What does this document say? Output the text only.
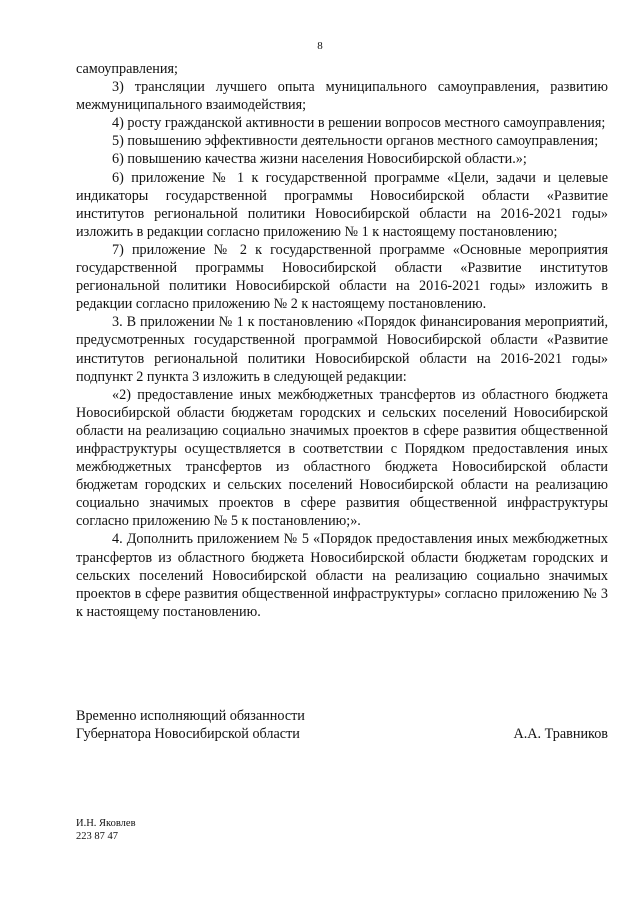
8

самоуправления;

3) трансляции лучшего опыта муниципального самоуправления, развитию межмуниципального взаимодействия;

4) росту гражданской активности в решении вопросов местного самоуправления;

5) повышению эффективности деятельности органов местного самоуправления;

6) повышению качества жизни населения Новосибирской области.»;

6) приложение № 1 к государственной программе «Цели, задачи и целевые индикаторы государственной программы Новосибирской области «Развитие институтов региональной политики Новосибирской области на 2016-2021 годы» изложить в редакции согласно приложению № 1 к настоящему постановлению;

7) приложение № 2 к государственной программе «Основные мероприятия государственной программы Новосибирской области «Развитие институтов региональной политики Новосибирской области на 2016-2021 годы» изложить в редакции согласно приложению № 2 к настоящему постановлению.

3. В приложении № 1 к постановлению «Порядок финансирования мероприятий, предусмотренных государственной программой Новосибирской области «Развитие институтов региональной политики Новосибирской области на 2016-2021 годы» подпункт 2 пункта 3 изложить в следующей редакции:

«2) предоставление иных межбюджетных трансфертов из областного бюджета Новосибирской области бюджетам городских и сельских поселений Новосибирской области на реализацию социально значимых проектов в сфере развития общественной инфраструктуры осуществляется в соответствии с Порядком предоставления иных межбюджетных трансфертов из областного бюджета Новосибирской области бюджетам городских и сельских поселений Новосибирской области на реализацию социально значимых проектов в сфере развития общественной инфраструктуры согласно приложению № 5 к постановлению;».

4. Дополнить приложением № 5 «Порядок предоставления иных межбюджетных трансфертов из областного бюджета Новосибирской области бюджетам городских и сельских поселений Новосибирской области на реализацию социально значимых проектов в сфере развития общественной инфраструктуры» согласно приложению № 3 к настоящему постановлению.

Временно исполняющий обязанности
Губернатора Новосибирской области	А.А. Травников
И.Н. Яковлев
223 87 47
